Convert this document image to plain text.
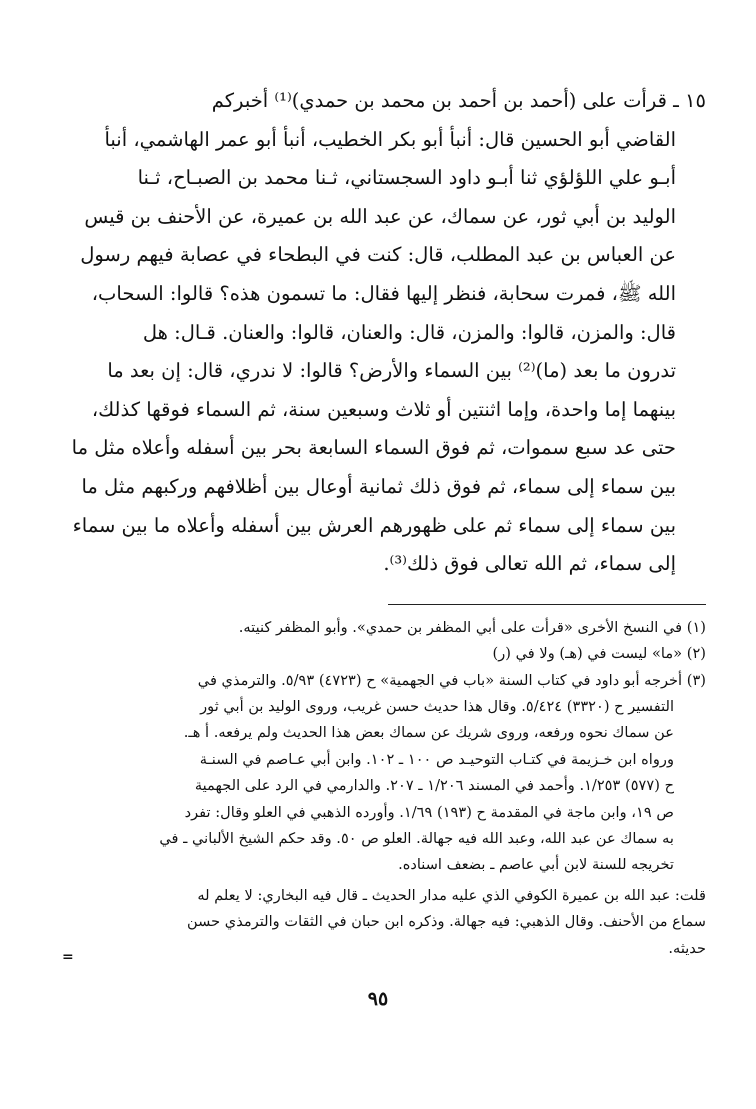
١٥ ـ قرأت على (أحمد بن أحمد بن محمد بن حمدي)⁽¹⁾ أخبركم
القاضي أبو الحسين قال: أنبأ أبو بكر الخطيب، أنبأ أبو عمر الهاشمي، أنبأ
أبـو علي اللؤلؤي ثنا أبـو داود السجستاني، ثـنا محمد بن الصبـاح، ثـنا
الوليد بن أبي ثور، عن سماك، عن عبد الله بن عميرة، عن الأحنف بن قيس
عن العباس بن عبد المطلب، قال: كنت في البطحاء في عصابة فيهم رسول
الله ﷺ، فمرت سحابة، فنظر إليها فقال: ما تسمون هذه؟ قالوا: السحاب،
قال: والمزن، قالوا: والمزن، قال: والعنان، قالوا: والعنان. قـال: هل
تدرون ما بعد (ما)⁽²⁾ بين السماء والأرض؟ قالوا: لا ندري، قال: إن بعد ما
بينهما إما واحدة، وإما اثنتين أو ثلاث وسبعين سنة، ثم السماء فوقها كذلك،
حتى عد سبع سموات، ثم فوق السماء السابعة بحر بين أسفله وأعلاه مثل ما
بين سماء إلى سماء، ثم فوق ذلك ثمانية أوعال بين أظلافهم وركبهم مثل ما
بين سماء إلى سماء ثم على ظهورهم العرش بين أسفله وأعلاه ما بين سماء
إلى سماء، ثم الله تعالى فوق ذلك⁽³⁾.
(١) في النسخ الأخرى «قرأت على أبي المظفر بن حمدي». وأبو المظفر كنيته.
(٢) «ما» ليست في (هـ) ولا في (ر)
(٣) أخرجه أبو داود في كتاب السنة «باب في الجهمية» ح (٤٧٢٣) ٥/٩٣. والترمذي في
التفسير ح (٣٣٢٠) ٥/٤٢٤. وقال هذا حديث حسن غريب، وروى الوليد بن أبي ثور
عن سماك نحوه ورفعه، وروى شريك عن سماك بعض هذا الحديث ولم يرفعه. أ هـ.
ورواه ابن خـزيمة في كتـاب التوحيـد ص ١٠٠ ـ ١٠٢. وابن أبي عـاصم في السنـة
ح (٥٧٧) ١/٢٥٣. وأحمد في المسند ١/٢٠٦ ـ ٢٠٧. والدارمي في الرد على الجهمية
ص ١٩، وابن ماجة في المقدمة ح (١٩٣) ١/٦٩. وأورده الذهبي في العلو وقال: تفرد
به سماك عن عبد الله، وعبد الله فيه جهالة. العلو ص ٥٠. وقد حكم الشيخ الألباني ـ في
تخريجه للسنة لابن أبي عاصم ـ بضعف اسناده.
قلت: عبد الله بن عميرة الكوفي الذي عليه مدار الحديث ـ قال فيه البخاري: لا يعلم له
سماع من الأحنف. وقال الذهبي: فيه جهالة. وذكره ابن حبان في الثقات والترمذي حسن
حديثه.
=
٩٥
